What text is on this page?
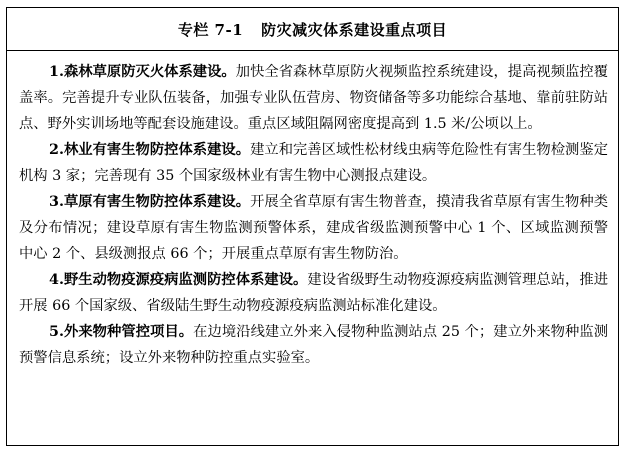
专栏 7-1 防灾减灾体系建设重点项目

1.森林草原防灭火体系建设。加快全省森林草原防火视频监控系统建设，提高视频监控覆盖率。完善提升专业队伍装备，加强专业队伍营房、物资储备等多功能综合基地、靠前驻防站点、野外实训场地等配套设施建设。重点区域阻隔网密度提高到 1.5 米/公顷以上。

2.林业有害生物防控体系建设。建立和完善区域性松材线虫病等危险性有害生物检测鉴定机构 3 家；完善现有 35 个国家级林业有害生物中心测报点建设。

3.草原有害生物防控体系建设。开展全省草原有害生物普查，摸清我省草原有害生物种类及分布情况；建设草原有害生物监测预警体系，建成省级监测预警中心 1 个、区域监测预警中心 2 个、县级测报点 66 个；开展重点草原有害生物防治。

4.野生动物疫源疫病监测防控体系建设。建设省级野生动物疫源疫病监测管理总站，推进开展 66 个国家级、省级陆生野生动物疫源疫病监测站标准化建设。

5.外来物种管控项目。在边境沿线建立外来入侵物种监测站点 25 个；建立外来物种监测预警信息系统；设立外来物种防控重点实验室。
